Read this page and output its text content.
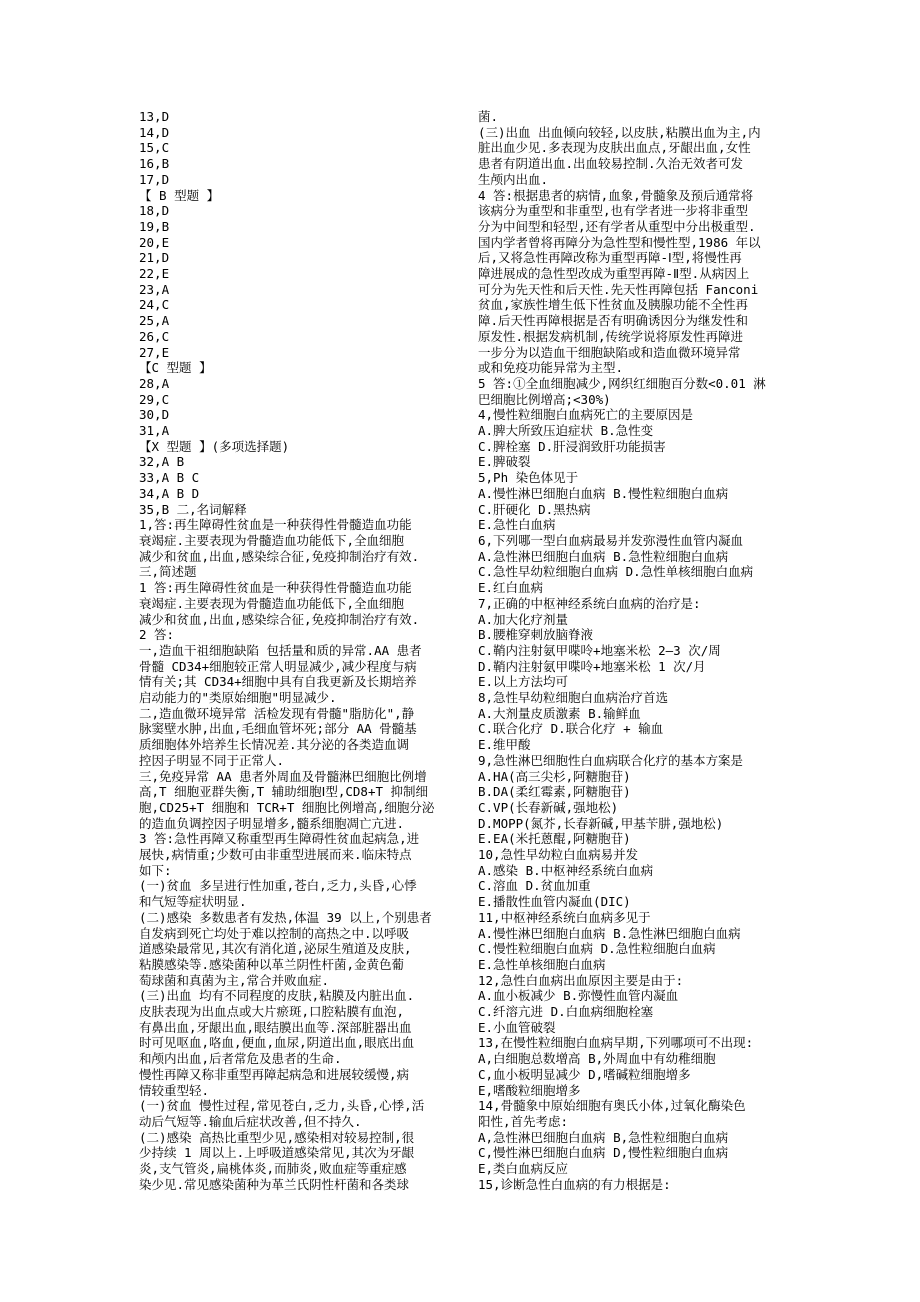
13,D
14,D
15,C
16,B
17,D
【 B 型题 】
18,D
19,B
20,E
21,D
22,E
23,A
24,C
25,A
26,C
27,E
【C 型题 】
28,A
29,C
30,D
31,A
【X 型题 】(多项选择题)
32,A B
33,A B C
34,A B D
35,B 二,名词解释
1,答:再生障碍性贫血是一种获得性骨髓造血功能
衰竭症.主要表现为骨髓造血功能低下,全血细胞
减少和贫血,出血,感染综合征,免疫抑制治疗有效.
三,简述题
1 答:再生障碍性贫血是一种获得性骨髓造血功能
衰竭症.主要表现为骨髓造血功能低下,全血细胞
减少和贫血,出血,感染综合征,免疫抑制治疗有效.
2 答:
一,造血干祖细胞缺陷 包括量和质的异常.AA 患者
骨髓 CD34+细胞较正常人明显减少,减少程度与病
情有关;其 CD34+细胞中具有自我更新及长期培养
启动能力的"类原始细胞"明显减少.
二,造血微环境异常 活检发现有骨髓"脂肪化",静
脉窦壁水肿,出血,毛细血管坏死;部分 AA 骨髓基
质细胞体外培养生长情况差.其分泌的各类造血调
控因子明显不同于正常人.
三,免疫异常 AA 患者外周血及骨髓淋巴细胞比例增
高,T 细胞亚群失衡,T 辅助细胞Ⅰ型,CD8+T 抑制细
胞,CD25+T 细胞和 TCR+T 细胞比例增高,细胞分泌
的造血负调控因子明显增多,髓系细胞凋亡亢进.
3 答:急性再障又称重型再生障碍性贫血起病急,进
展快,病情重;少数可由非重型进展而来.临床特点
如下:
(一)贫血 多呈进行性加重,苍白,乏力,头昏,心悸
和气短等症状明显.
(二)感染 多数患者有发热,体温 39 以上,个别患者
自发病到死亡均处于难以控制的高热之中.以呼吸
道感染最常见,其次有消化道,泌尿生殖道及皮肤,
粘膜感染等.感染菌种以革兰阴性杆菌,金黄色葡
萄球菌和真菌为主,常合并败血症.
(三)出血 均有不同程度的皮肤,粘膜及内脏出血.
皮肤表现为出血点或大片瘀斑,口腔粘膜有血泡,
有鼻出血,牙龈出血,眼结膜出血等.深部脏器出血
时可见呕血,咯血,便血,血尿,阴道出血,眼底出血
和颅内出血,后者常危及患者的生命.
慢性再障又称非重型再障起病急和进展较缓慢,病
情较重型轻.
(一)贫血 慢性过程,常见苍白,乏力,头昏,心悸,活
动后气短等.输血后症状改善,但不持久.
(二)感染 高热比重型少见,感染相对较易控制,很
少持续 1 周以上.上呼吸道感染常见,其次为牙龈
炎,支气管炎,扁桃体炎,而肺炎,败血症等重症感
染少见.常见感染菌种为革兰氏阴性杆菌和各类球
菌.
(三)出血 出血倾向较轻,以皮肤,粘膜出血为主,内
脏出血少见.多表现为皮肤出血点,牙龈出血,女性
患者有阴道出血.出血较易控制.久治无效者可发
生颅内出血.
4 答:根据患者的病情,血象,骨髓象及预后通常将
该病分为重型和非重型,也有学者进一步将非重型
分为中间型和轻型,还有学者从重型中分出极重型.
国内学者曾将再障分为急性型和慢性型,1986 年以
后,又将急性再障改称为重型再障-Ⅰ型,将慢性再
障进展成的急性型改成为重型再障-Ⅱ型.从病因上
可分为先天性和后天性.先天性再障包括 Fanconi
贫血,家族性增生低下性贫血及胰腺功能不全性再
障.后天性再障根据是否有明确诱因分为继发性和
原发性.根据发病机制,传统学说将原发性再障进
一步分为以造血干细胞缺陷或和造血微环境异常
或和免疫功能异常为主型.
5 答:①全血细胞减少,网织红细胞百分数<0.01 淋
巴细胞比例增高;<30%)
4,慢性粒细胞白血病死亡的主要原因是
A.脾大所致压迫症状 B.急性变
C.脾栓塞 D.肝浸润致肝功能损害
E.脾破裂
5,Ph 染色体见于
A.慢性淋巴细胞白血病 B.慢性粒细胞白血病
C.肝硬化 D.黑热病
E.急性白血病
6,下列哪一型白血病最易并发弥漫性血管内凝血
A.急性淋巴细胞白血病 B.急性粒细胞白血病
C.急性早幼粒细胞白血病 D.急性单核细胞白血病
E.红白血病
7,正确的中枢神经系统白血病的治疗是:
A.加大化疗剂量
B.腰椎穿刺放脑脊液
C.鞘内注射氨甲喋呤+地塞米松 2—3 次/周
D.鞘内注射氨甲喋呤+地塞米松 1 次/月
E.以上方法均可
8,急性早幼粒细胞白血病治疗首选
A.大剂量皮质激素 B.输鲜血
C.联合化疗 D.联合化疗 + 输血
E.维甲酸
9,急性淋巴细胞性白血病联合化疗的基本方案是
A.HA(高三尖杉,阿糖胞苷)
B.DA(柔红霉素,阿糖胞苷)
C.VP(长春新碱,强地松)
D.MOPP(氮芥,长春新碱,甲基苄肼,强地松)
E.EA(米托蒽醌,阿糖胞苷)
10,急性早幼粒白血病易并发
A.感染 B.中枢神经系统白血病
C.溶血 D.贫血加重
E.播散性血管内凝血(DIC)
11,中枢神经系统白血病多见于
A.慢性淋巴细胞白血病 B.急性淋巴细胞白血病
C.慢性粒细胞白血病 D.急性粒细胞白血病
E.急性单核细胞白血病
12,急性白血病出血原因主要是由于:
A.血小板减少 B.弥慢性血管内凝血
C.纤溶亢进 D.白血病细胞栓塞
E.小血管破裂
13,在慢性粒细胞白血病早期,下列哪项可不出现:
A,白细胞总数增高 B,外周血中有幼稚细胞
C,血小板明显减少 D,嗜碱粒细胞增多
E,嗜酸粒细胞增多
14,骨髓象中原始细胞有奥氏小体,过氧化酶染色
阳性,首先考虑:
A,急性淋巴细胞白血病 B,急性粒细胞白血病
C,慢性淋巴细胞白血病 D,慢性粒细胞白血病
E,类白血病反应
15,诊断急性白血病的有力根据是:
